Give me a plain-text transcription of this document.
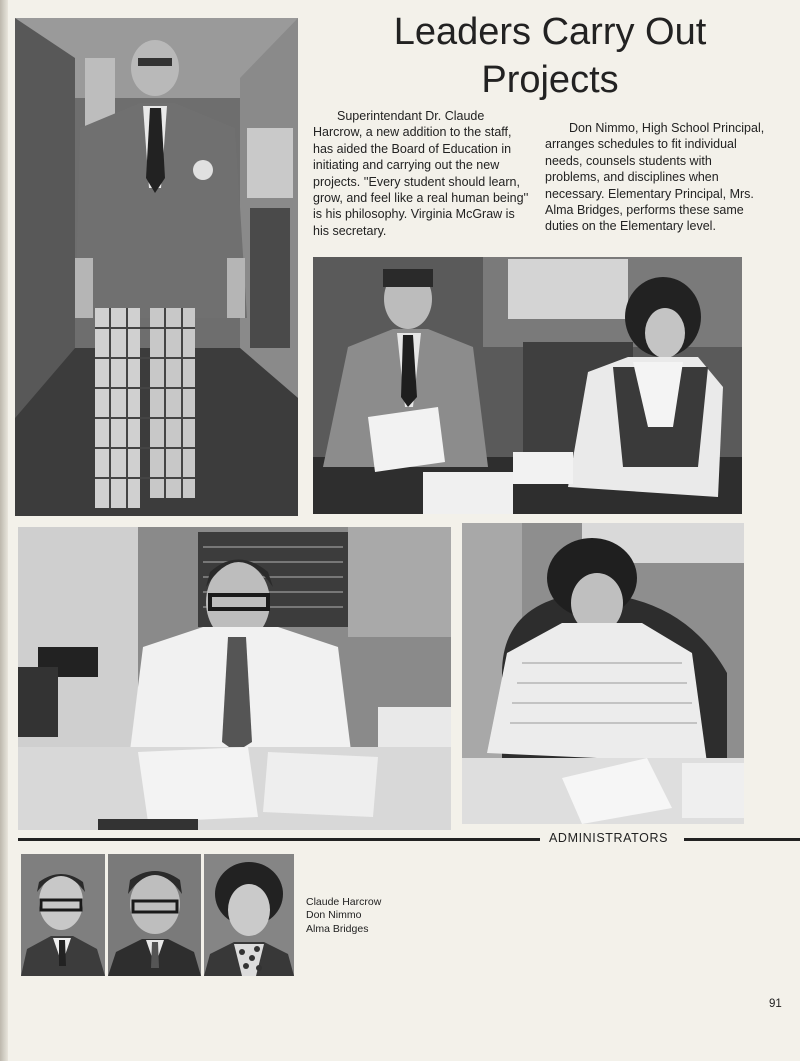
Leaders Carry Out
Projects

Superintendant Dr. Claude Harcrow, a new addition to the staff, has aided the Board of Education in initiating and carrying out the new projects. ''Every student should learn, grow, and feel like a real human being'' is his philosophy. Virginia McGraw is his secretary.

Don Nimmo, High School Principal, arranges schedules to fit individual needs, counsels students with problems, and disciplines when necessary. Elementary Principal, Mrs. Alma Bridges, performs these same duties on the Elementary level.

ADMINISTRATORS
Claude Harcrow
Don Nimmo
Alma Bridges
91
